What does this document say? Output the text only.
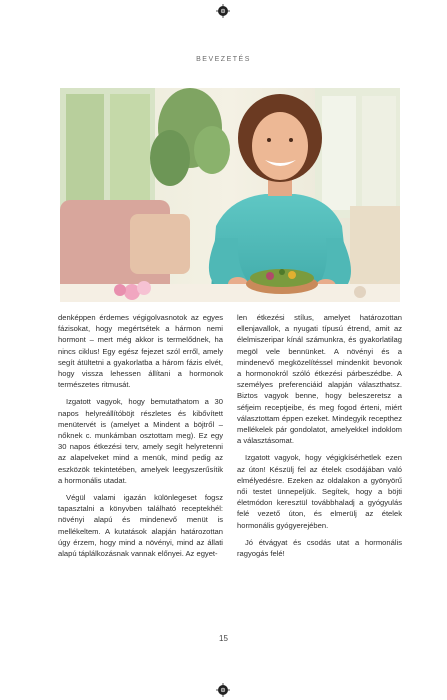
BEVEZETÉS

denképpen érdemes végigolvasnotok az egyes fázisokat, hogy megértsétek a hármon nemi hormont – mert még akkor is termelődnek, ha nincs ciklus! Egy egész fejezet szól erről, amely segít átültetni a gyakorlatba a három fázis elvét, hogy vissza lehessen állítani a hormonok természetes ritmusát.

Izgatott vagyok, hogy bemutathatom a 30 napos helyreállítóböjt részletes és kibővített menütervét is (amelyet a Mindent a böjtről – nőknek c. munkámban osztottam meg). Ez egy 30 napos étkezési terv, amely segít helyretenni az alapelveket mind a menük, mind pedig az eszközök tekintetében, amelyek leegyszerűsítik a hormonális utadat.

Végül valami igazán különlegeset fogsz tapasztalni a könyvben található receptekhél: növényi alapú és mindenevő menüt is mellékeltem. A kutatások alapján határozottan úgy érzem, hogy mind a növényi, mind az állati alapú táplálkozásnak vannak előnyei. Az egyet-

len étkezési stílus, amelyet határozottan ellenjavallok, a nyugati típusú étrend, amit az élelmiszeripar kínál számunkra, és gyakorlatilag megöl vele bennünket. A növényi és a mindenevő megközelítéssel mindenkit bevonok a hormonokról szóló étkezési párbeszédbe. A személyes preferenciáid alapján választhatsz. Biztos vagyok benne, hogy beleszeretsz a séfjeim receptjeibe, és meg fogod érteni, miért választottam éppen ezeket. Mindegyik recepthez mellékelek pár gondolatot, amelyekkel indoklom a választásomat.

Izgatott vagyok, hogy végigkísérhetlek ezen az úton! Készülj fel az ételek csodájában való elmélyedésre. Ezeken az oldalakon a gyönyörű női testet ünnepeljük. Segítek, hogy a böjti életmódon keresztül továbbhaladj a gyógyulás felé vezető úton, és elmerülj az ételek hormonális gyógyerejében.

Jó étvágyat és csodás utat a hormonális ragyogás felé!

15
